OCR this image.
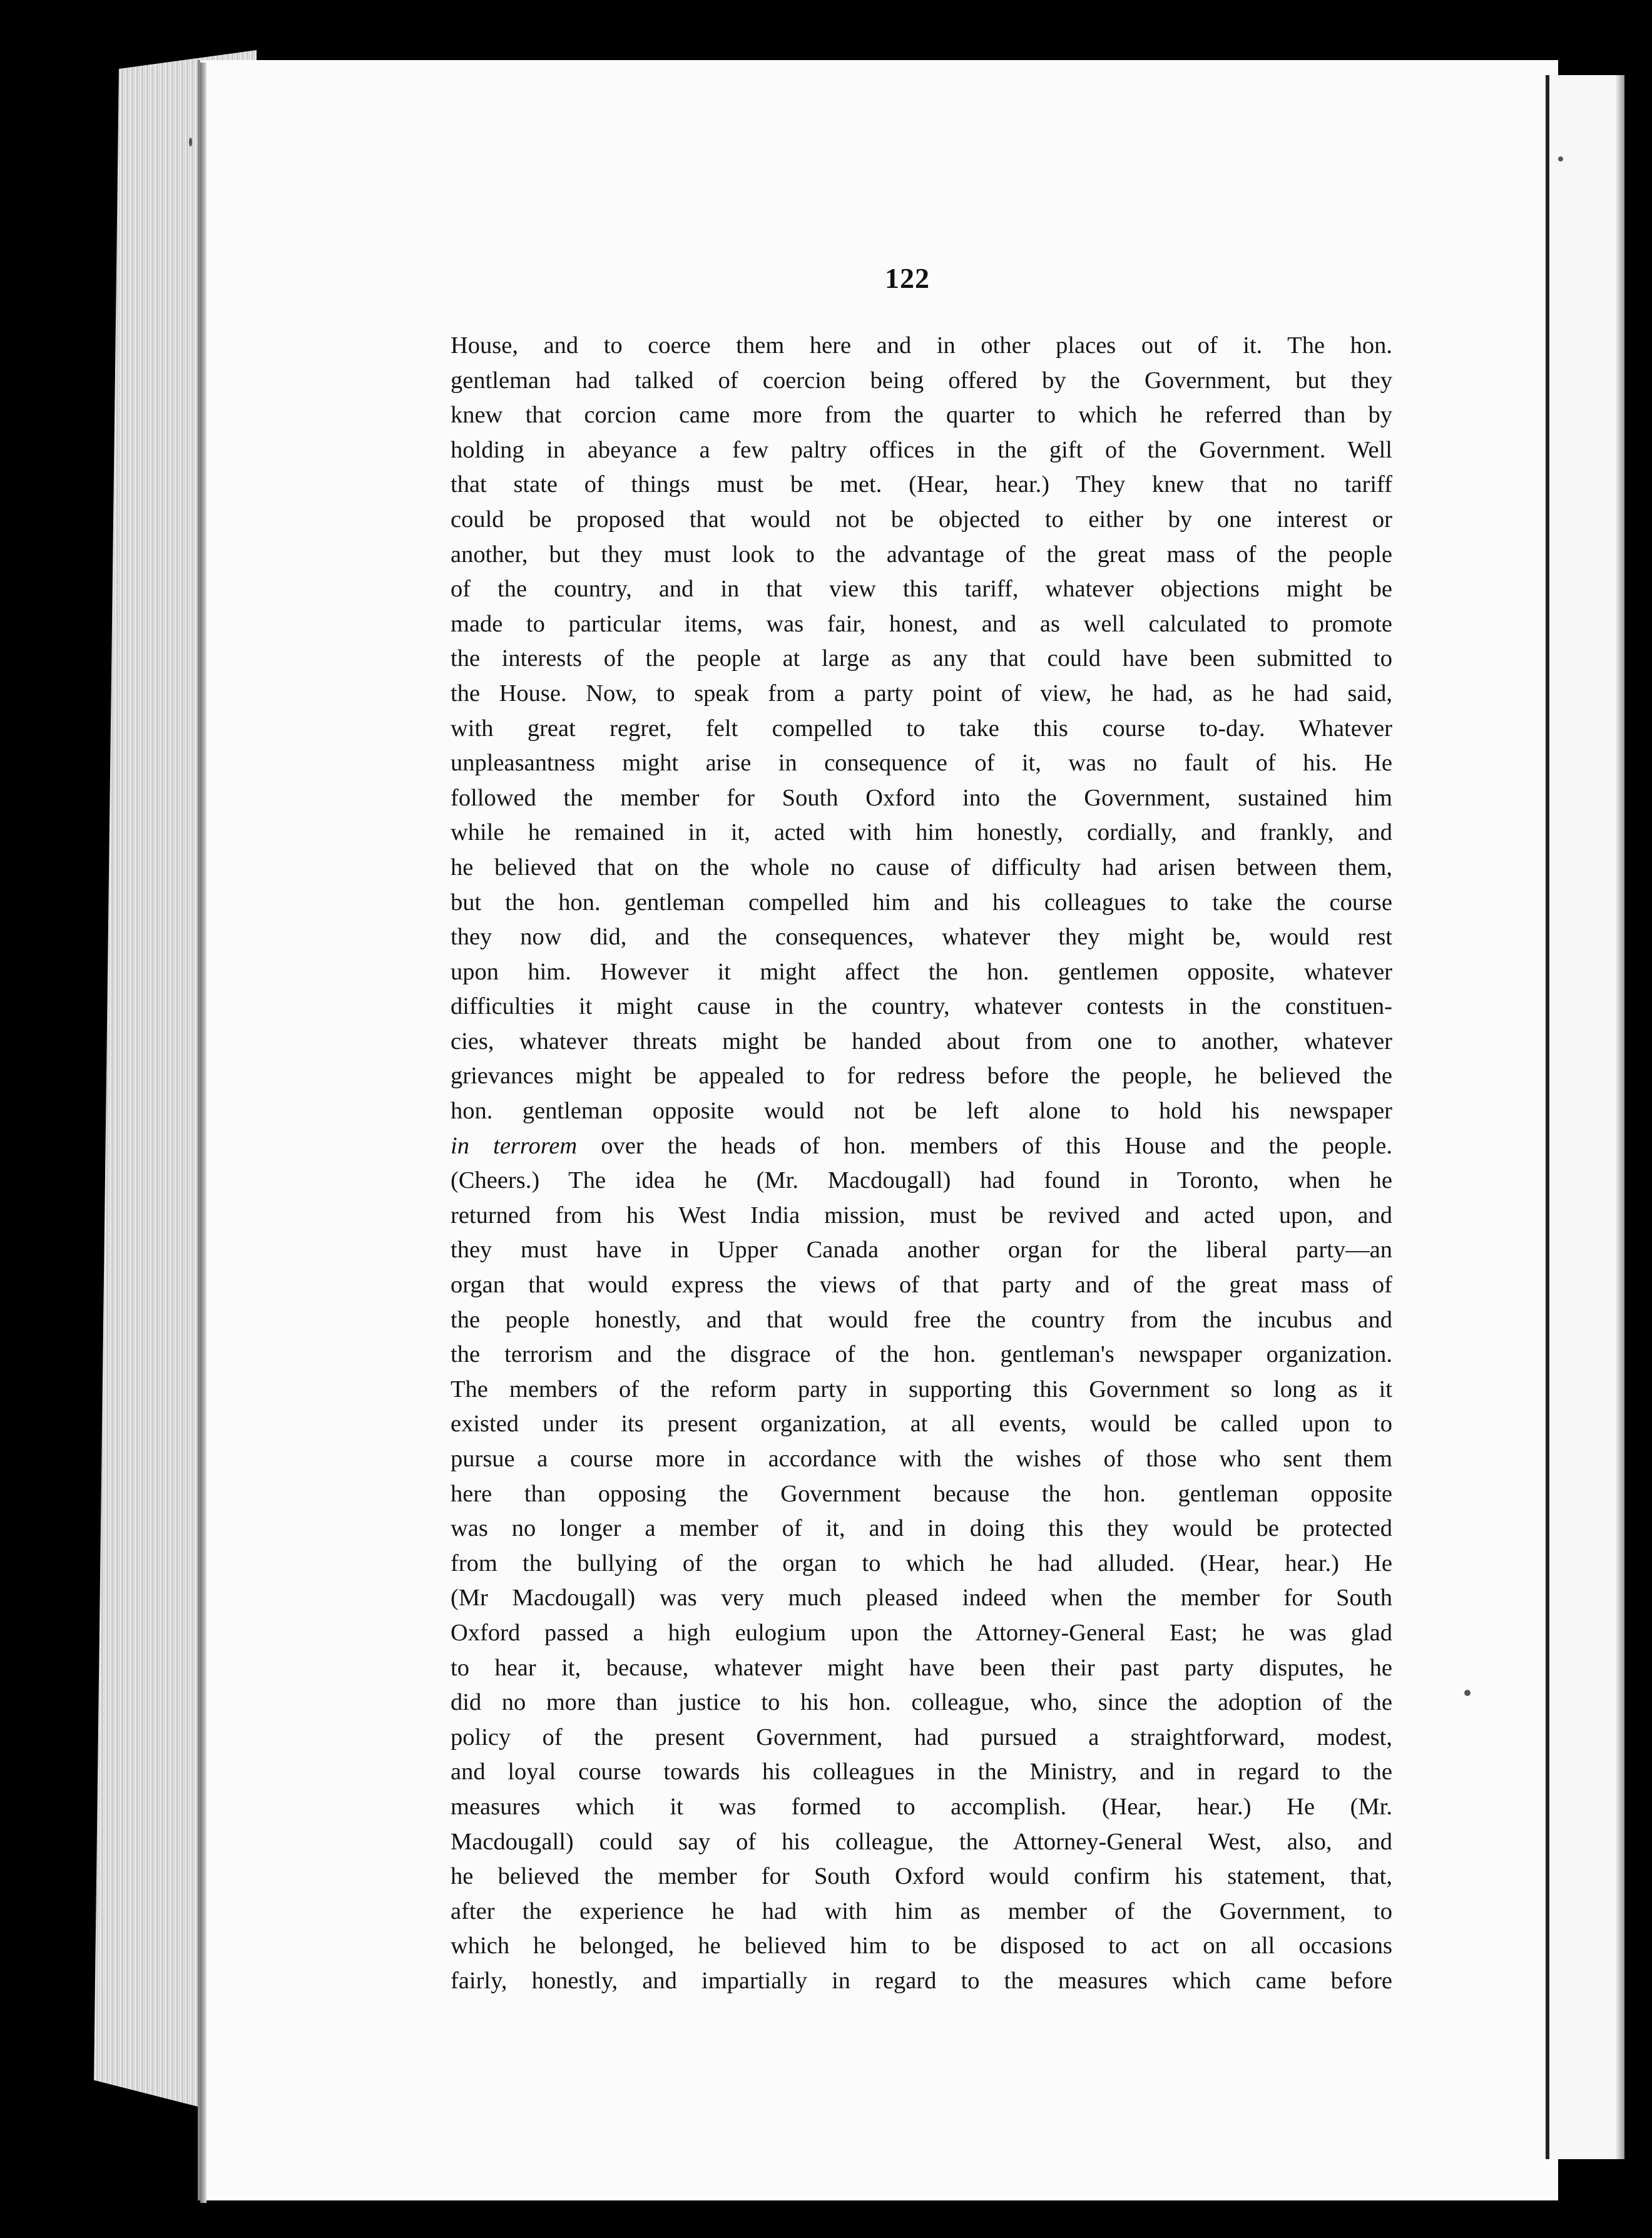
122
House, and to coerce them here and in other places out of it. The hon.
gentleman had talked of coercion being offered by the Government, but they
knew that corcion came more from the quarter to which he referred than by
holding in abeyance a few paltry offices in the gift of the Government. Well
that state of things must be met. (Hear, hear.) They knew that no tariff
could be proposed that would not be objected to either by one interest or
another, but they must look to the advantage of the great mass of the people
of the country, and in that view this tariff, whatever objections might be
made to particular items, was fair, honest, and as well calculated to promote
the interests of the people at large as any that could have been submitted to
the House. Now, to speak from a party point of view, he had, as he had said,
with great regret, felt compelled to take this course to-day. Whatever
unpleasantness might arise in consequence of it, was no fault of his. He
followed the member for South Oxford into the Government, sustained him
while he remained in it, acted with him honestly, cordially, and frankly, and
he believed that on the whole no cause of difficulty had arisen between them,
but the hon. gentleman compelled him and his colleagues to take the course
they now did, and the consequences, whatever they might be, would rest
upon him. However it might affect the hon. gentlemen opposite, whatever
difficulties it might cause in the country, whatever contests in the constituen-
cies, whatever threats might be handed about from one to another, whatever
grievances might be appealed to for redress before the people, he believed the
hon. gentleman opposite would not be left alone to hold his newspaper
in terrorem over the heads of hon. members of this House and the people.
(Cheers.) The idea he (Mr. Macdougall) had found in Toronto, when he
returned from his West India mission, must be revived and acted upon, and
they must have in Upper Canada another organ for the liberal party—an
organ that would express the views of that party and of the great mass of
the people honestly, and that would free the country from the incubus and
the terrorism and the disgrace of the hon. gentleman's newspaper organization.
The members of the reform party in supporting this Government so long as it
existed under its present organization, at all events, would be called upon to
pursue a course more in accordance with the wishes of those who sent them
here than opposing the Government because the hon. gentleman opposite
was no longer a member of it, and in doing this they would be protected
from the bullying of the organ to which he had alluded. (Hear, hear.) He
(Mr Macdougall) was very much pleased indeed when the member for South
Oxford passed a high eulogium upon the Attorney-General East; he was glad
to hear it, because, whatever might have been their past party disputes, he
did no more than justice to his hon. colleague, who, since the adoption of the
policy of the present Government, had pursued a straightforward, modest,
and loyal course towards his colleagues in the Ministry, and in regard to the
measures which it was formed to accomplish. (Hear, hear.) He (Mr.
Macdougall) could say of his colleague, the Attorney-General West, also, and
he believed the member for South Oxford would confirm his statement, that,
after the experience he had with him as member of the Government, to
which he belonged, he believed him to be disposed to act on all occasions
fairly, honestly, and impartially in regard to the measures which came before
